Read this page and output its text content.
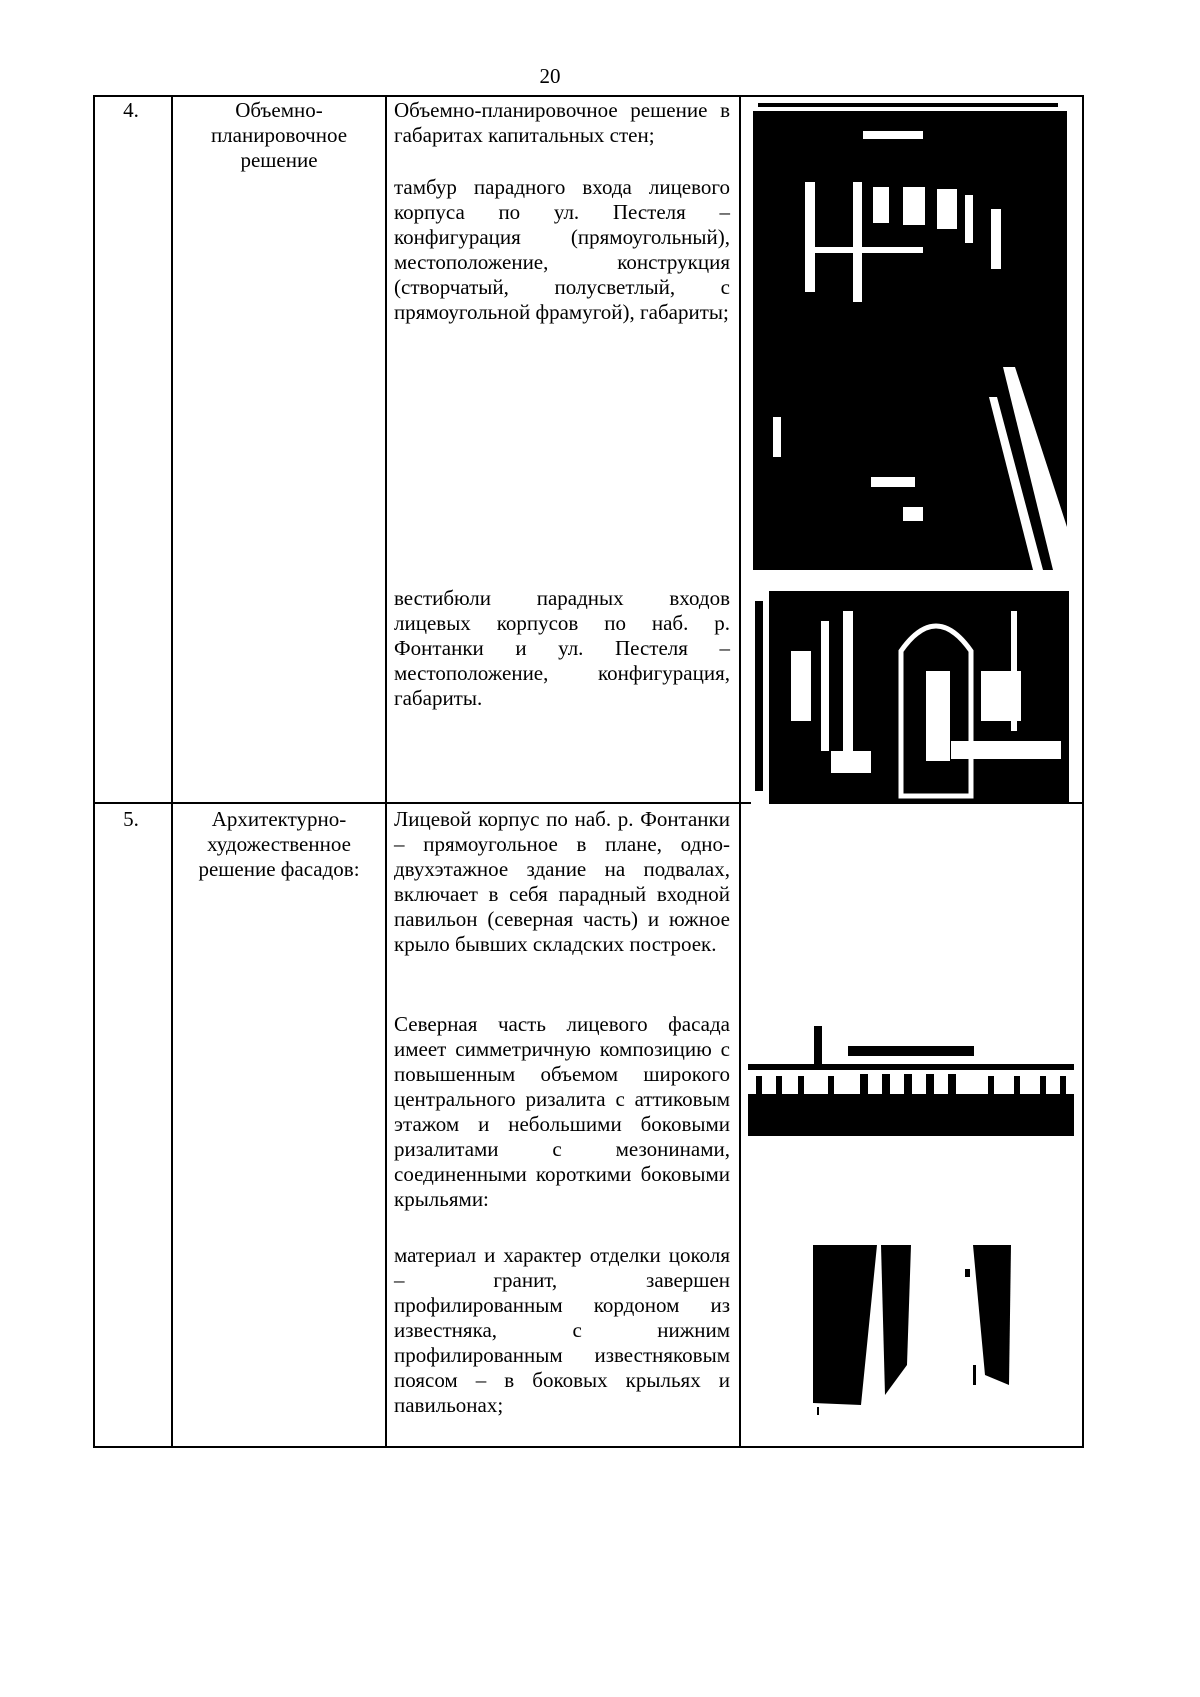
20
4.	Объемно-
планировочное
решение

Объемно-планировочное решение в габаритах капитальных стен;

тамбур парадного входа лицевого корпуса по ул. Пестеля – конфигурация (прямоугольный), местоположение, конструкция (створчатый, полусветлый, с прямоугольной фрамугой), габариты;

вестибюли парадных входов лицевых корпусов по наб. р. Фонтанки и ул. Пестеля – местоположение, конфигурация, габариты.

5.	Архитектурно-
художественное
решение фасадов:

Лицевой корпус по наб. р. Фонтанки – прямоугольное в плане, одно-двухэтажное здание на подвалах, включает в себя парадный входной павильон (северная часть) и южное крыло бывших складских построек.

Северная часть лицевого фасада имеет симметричную композицию с повышенным объемом широкого центрального ризалита с аттиковым этажом и небольшими боковыми ризалитами с мезонинами, соединенными короткими боковыми крыльями:

материал и характер отделки цоколя – гранит, завершен профилированным кордоном из известняка, с нижним профилированным известняковым поясом – в боковых крыльях и павильонах;
